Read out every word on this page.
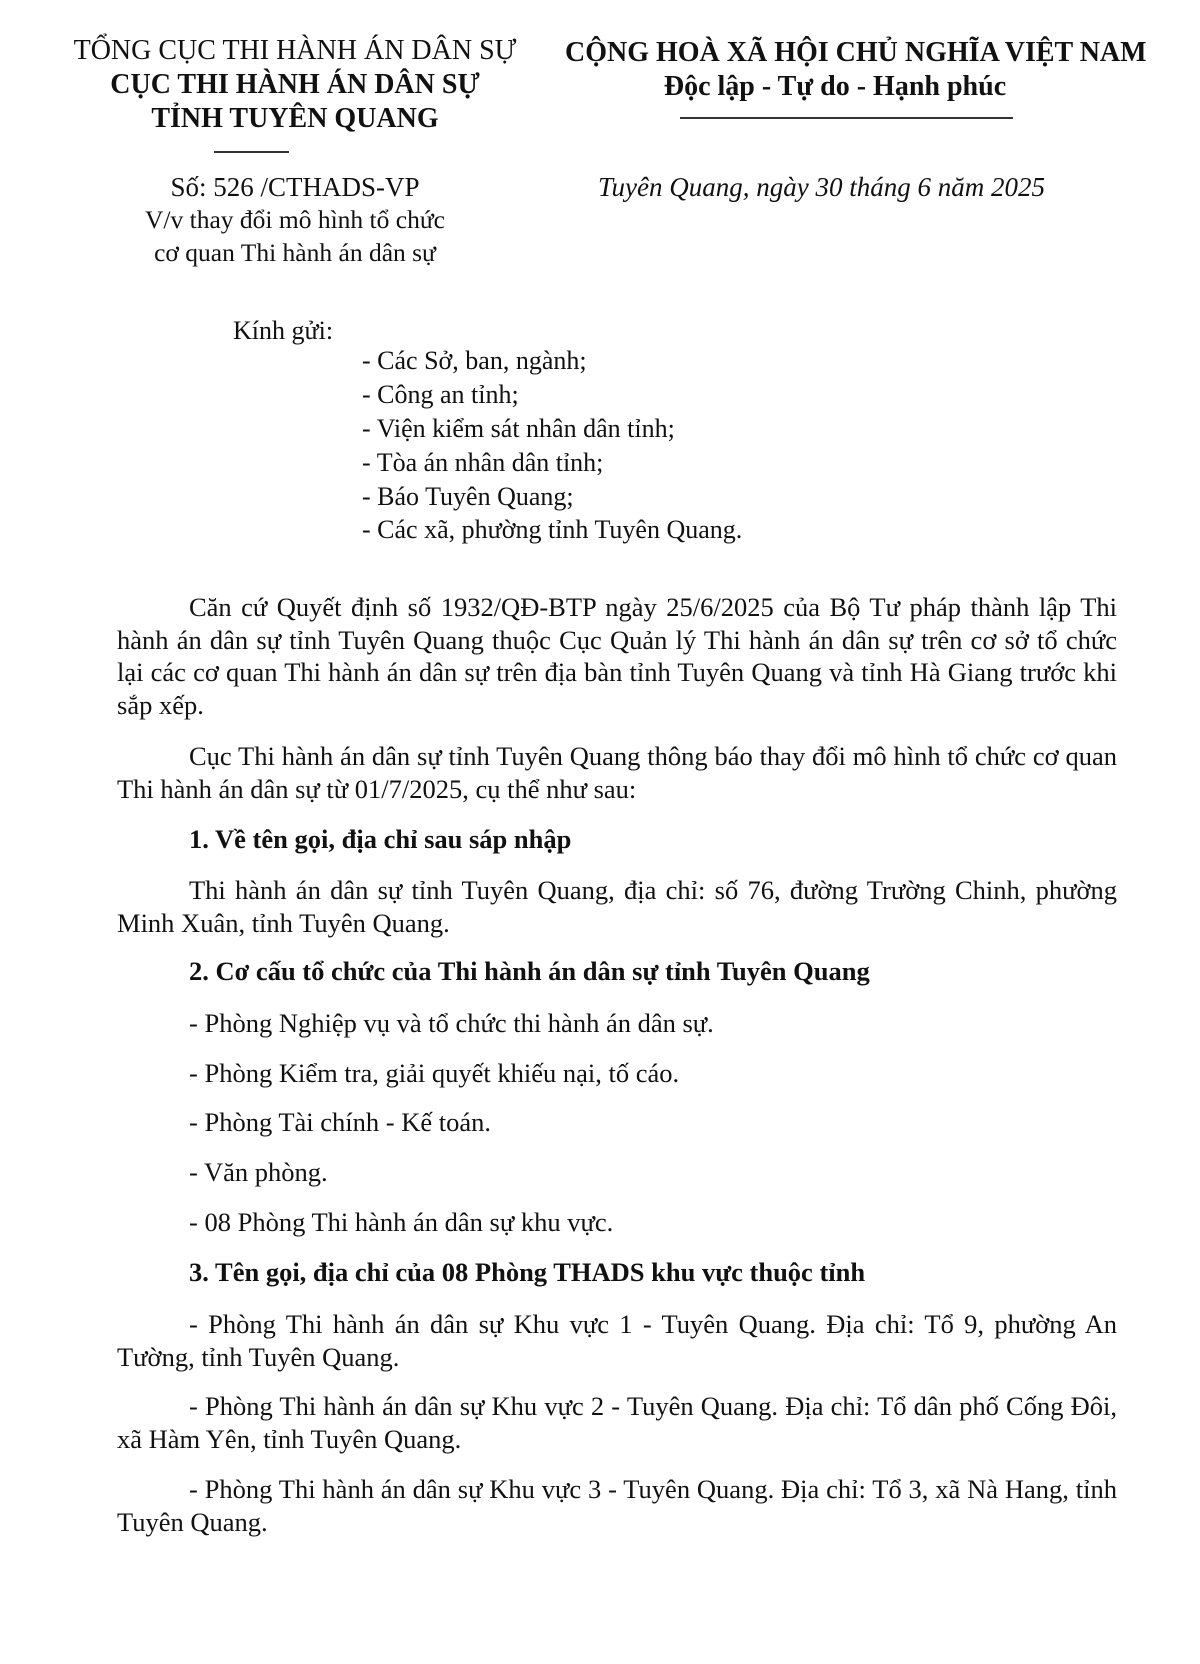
TỔNG CỤC THI HÀNH ÁN DÂN SỰ
CỤC THI HÀNH ÁN DÂN SỰ
TỈNH TUYÊN QUANG
CỘNG HOÀ XÃ HỘI CHỦ NGHĨA VIỆT NAM
Độc lập - Tự do - Hạnh phúc
Số: 526 /CTHADS-VP
V/v thay đổi mô hình tổ chức
cơ quan Thi hành án dân sự
Tuyên Quang, ngày 30 tháng 6 năm 2025
Kính gửi:
- Các Sở, ban, ngành;
- Công an tỉnh;
- Viện kiểm sát nhân dân tỉnh;
- Tòa án nhân dân tỉnh;
- Báo Tuyên Quang;
- Các xã, phường tỉnh Tuyên Quang.
Căn cứ Quyết định số 1932/QĐ-BTP ngày 25/6/2025 của Bộ Tư pháp thành lập Thi hành án dân sự tỉnh Tuyên Quang thuộc Cục Quản lý Thi hành án dân sự trên cơ sở tổ chức lại các cơ quan Thi hành án dân sự trên địa bàn tỉnh Tuyên Quang và tỉnh Hà Giang trước khi sắp xếp.
Cục Thi hành án dân sự tỉnh Tuyên Quang thông báo thay đổi mô hình tổ chức cơ quan Thi hành án dân sự từ 01/7/2025, cụ thể như sau:
1. Về tên gọi, địa chỉ sau sáp nhập
Thi hành án dân sự tỉnh Tuyên Quang, địa chỉ: số 76, đường Trường Chinh, phường Minh Xuân, tỉnh Tuyên Quang.
2. Cơ cấu tổ chức của Thi hành án dân sự tỉnh Tuyên Quang
- Phòng Nghiệp vụ và tổ chức thi hành án dân sự.
- Phòng Kiểm tra, giải quyết khiếu nại, tố cáo.
- Phòng Tài chính - Kế toán.
- Văn phòng.
- 08 Phòng Thi hành án dân sự khu vực.
3. Tên gọi, địa chỉ của 08 Phòng THADS khu vực thuộc tỉnh
- Phòng Thi hành án dân sự Khu vực 1 - Tuyên Quang. Địa chỉ: Tổ 9, phường An Tường, tỉnh Tuyên Quang.
- Phòng Thi hành án dân sự Khu vực 2 - Tuyên Quang. Địa chỉ: Tổ dân phố Cống Đôi, xã Hàm Yên, tỉnh Tuyên Quang.
- Phòng Thi hành án dân sự Khu vực 3 - Tuyên Quang. Địa chỉ: Tổ 3, xã Nà Hang, tỉnh Tuyên Quang.
